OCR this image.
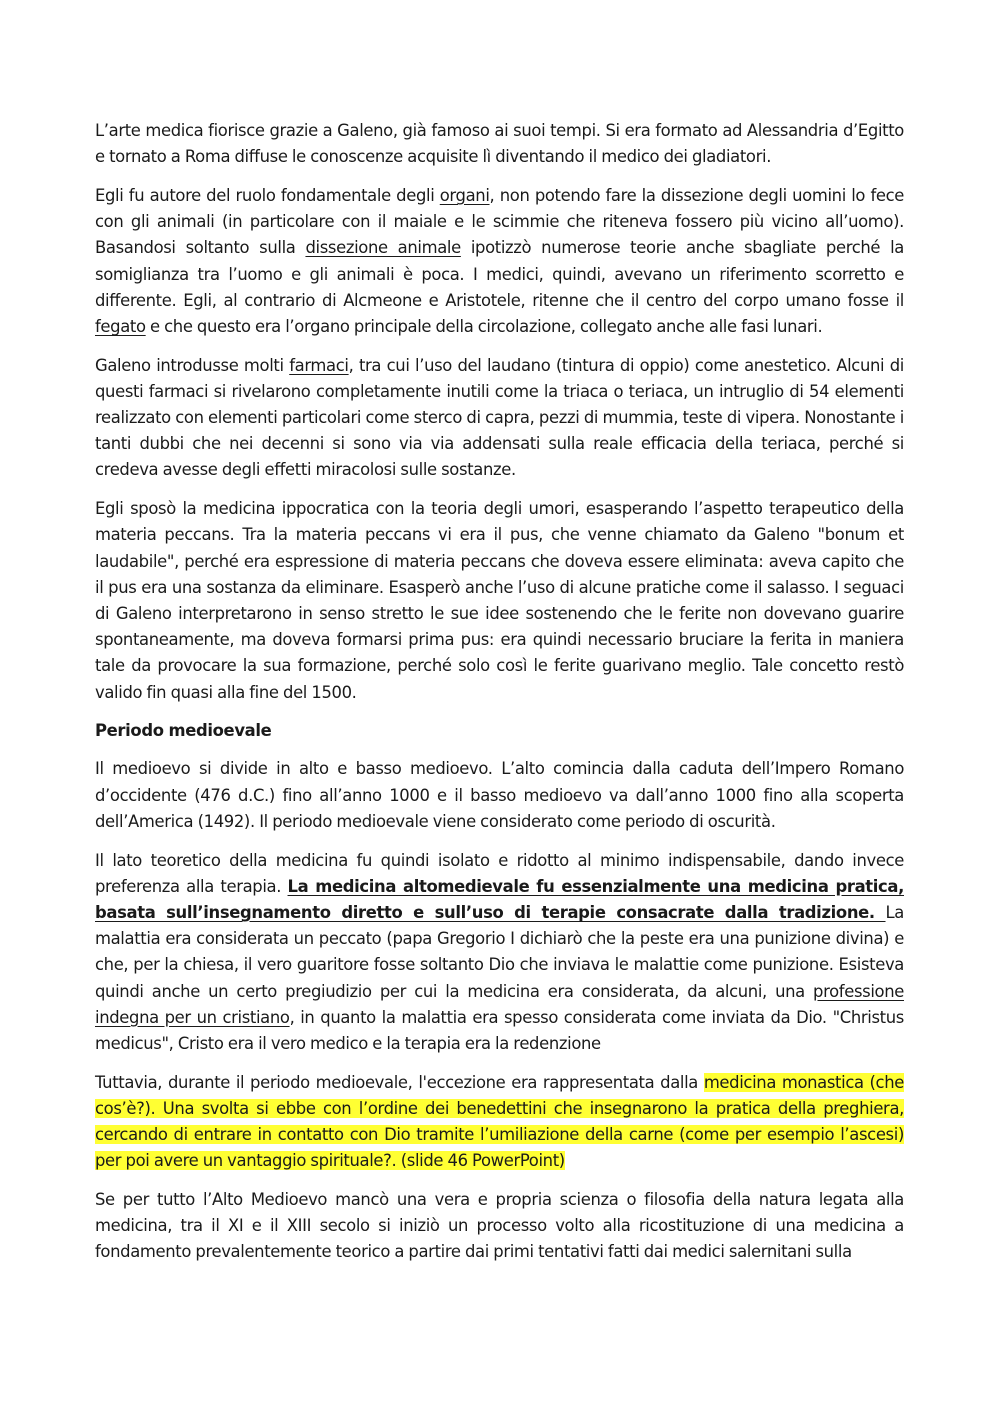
L’arte medica fiorisce grazie a Galeno, già famoso ai suoi tempi. Si era formato ad Alessandria d’Egitto e tornato a Roma diffuse le conoscenze acquisite lì diventando il medico dei gladiatori.

Egli fu autore del ruolo fondamentale degli organi, non potendo fare la dissezione degli uomini lo fece con gli animali (in particolare con il maiale e le scimmie che riteneva fossero più vicino all’uomo). Basandosi soltanto sulla dissezione animale ipotizzò numerose teorie anche sbagliate perché la somiglianza tra l’uomo e gli animali è poca. I medici, quindi, avevano un riferimento scorretto e differente. Egli, al contrario di Alcmeone e Aristotele, ritenne che il centro del corpo umano fosse il fegato e che questo era l’organo principale della circolazione, collegato anche alle fasi lunari.

Galeno introdusse molti farmaci, tra cui l’uso del laudano (tintura di oppio) come anestetico. Alcuni di questi farmaci si rivelarono completamente inutili come la triaca o teriaca, un intruglio di 54 elementi realizzato con elementi particolari come sterco di capra, pezzi di mummia, teste di vipera. Nonostante i tanti dubbi che nei decenni si sono via via addensati sulla reale efficacia della teriaca, perché si credeva avesse degli effetti miracolosi sulle sostanze.

Egli sposò la medicina ippocratica con la teoria degli umori, esasperando l’aspetto terapeutico della materia peccans. Tra la materia peccans vi era il pus, che venne chiamato da Galeno "bonum et laudabile", perché era espressione di materia peccans che doveva essere eliminata: aveva capito che il pus era una sostanza da eliminare. Esasperò anche l’uso di alcune pratiche come il salasso. I seguaci di Galeno interpretarono in senso stretto le sue idee sostenendo che le ferite non dovevano guarire spontaneamente, ma doveva formarsi prima pus: era quindi necessario bruciare la ferita in maniera tale da provocare la sua formazione, perché solo così le ferite guarivano meglio. Tale concetto restò valido fin quasi alla fine del 1500.

Periodo medioevale

Il medioevo si divide in alto e basso medioevo. L’alto comincia dalla caduta dell’Impero Romano d’occidente (476 d.C.) fino all’anno 1000 e il basso medioevo va dall’anno 1000 fino alla scoperta dell’America (1492). Il periodo medioevale viene considerato come periodo di oscurità.

Il lato teoretico della medicina fu quindi isolato e ridotto al minimo indispensabile, dando invece preferenza alla terapia. La medicina altomedievale fu essenzialmente una medicina pratica, basata sull’insegnamento diretto e sull’uso di terapie consacrate dalla tradizione. La malattia era considerata un peccato (papa Gregorio I dichiarò che la peste era una punizione divina) e che, per la chiesa, il vero guaritore fosse soltanto Dio che inviava le malattie come punizione. Esisteva quindi anche un certo pregiudizio per cui la medicina era considerata, da alcuni, una professione indegna per un cristiano, in quanto la malattia era spesso considerata come inviata da Dio. "Christus medicus", Cristo era il vero medico e la terapia era la redenzione

Tuttavia, durante il periodo medioevale, l'eccezione era rappresentata dalla medicina monastica (che cos’è?). Una svolta si ebbe con l’ordine dei benedettini che insegnarono la pratica della preghiera, cercando di entrare in contatto con Dio tramite l’umiliazione della carne (come per esempio l’ascesi) per poi avere un vantaggio spirituale?. (slide 46 PowerPoint)

Se per tutto l’Alto Medioevo mancò una vera e propria scienza o filosofia della natura legata alla medicina, tra il XI e il XIII secolo si iniziò un processo volto alla ricostituzione di una medicina a fondamento prevalentemente teorico a partire dai primi tentativi fatti dai medici salernitani sulla
